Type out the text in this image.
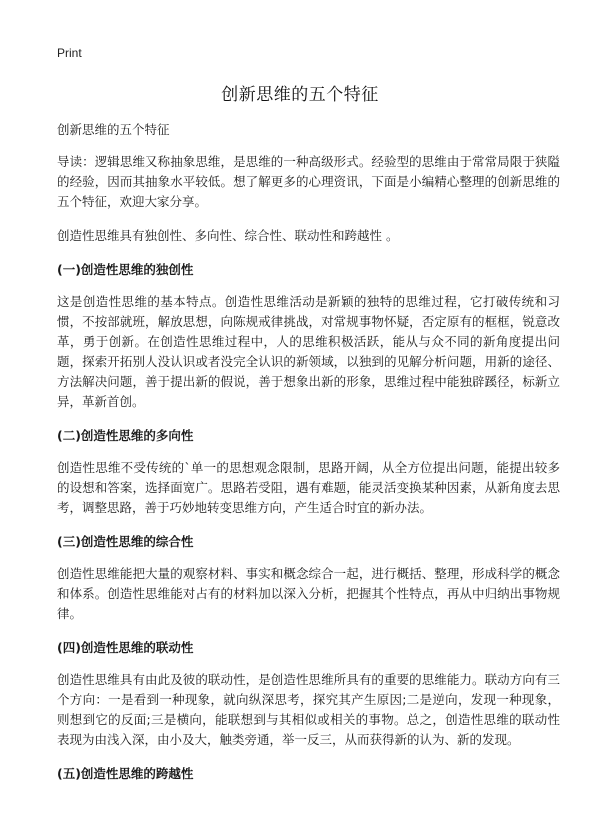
Print
创新思维的五个特征

创新思维的五个特征

导读：逻辑思维又称抽象思维，是思维的一种高级形式。经验型的思维由于常常局限于狭隘的经验，因而其抽象水平较低。想了解更多的心理资讯，下面是小编精心整理的创新思维的五个特征，欢迎大家分享。

创造性思维具有独创性、多向性、综合性、联动性和跨越性 。

(一)创造性思维的独创性

这是创造性思维的基本特点。创造性思维活动是新颖的独特的思维过程，它打破传统和习惯，不按部就班，解放思想，向陈规戒律挑战，对常规事物怀疑，否定原有的框框，锐意改革，勇于创新。在创造性思维过程中，人的思维积极活跃，能从与众不同的新角度提出问题，探索开拓别人没认识或者没完全认识的新领域，以独到的见解分析问题，用新的途径、方法解决问题，善于提出新的假说，善于想象出新的形象，思维过程中能独辟蹊径，标新立异，革新首创。

(二)创造性思维的多向性

创造性思维不受传统的`单一的思想观念限制，思路开阔，从全方位提出问题，能提出较多的设想和答案，选择面宽广。思路若受阻，遇有难题，能灵活变换某种因素，从新角度去思考，调整思路，善于巧妙地转变思维方向，产生适合时宜的新办法。

(三)创造性思维的综合性

创造性思维能把大量的观察材料、事实和概念综合一起，进行概括、整理，形成科学的概念和体系。创造性思维能对占有的材料加以深入分析，把握其个性特点，再从中归纳出事物规律。

(四)创造性思维的联动性

创造性思维具有由此及彼的联动性，是创造性思维所具有的重要的思维能力。联动方向有三个方向：一是看到一种现象，就向纵深思考，探究其产生原因;二是逆向，发现一种现象，则想到它的反面;三是横向，能联想到与其相似或相关的事物。总之，创造性思维的联动性表现为由浅入深，由小及大，触类旁通，举一反三，从而获得新的认为、新的发现。

(五)创造性思维的跨越性
